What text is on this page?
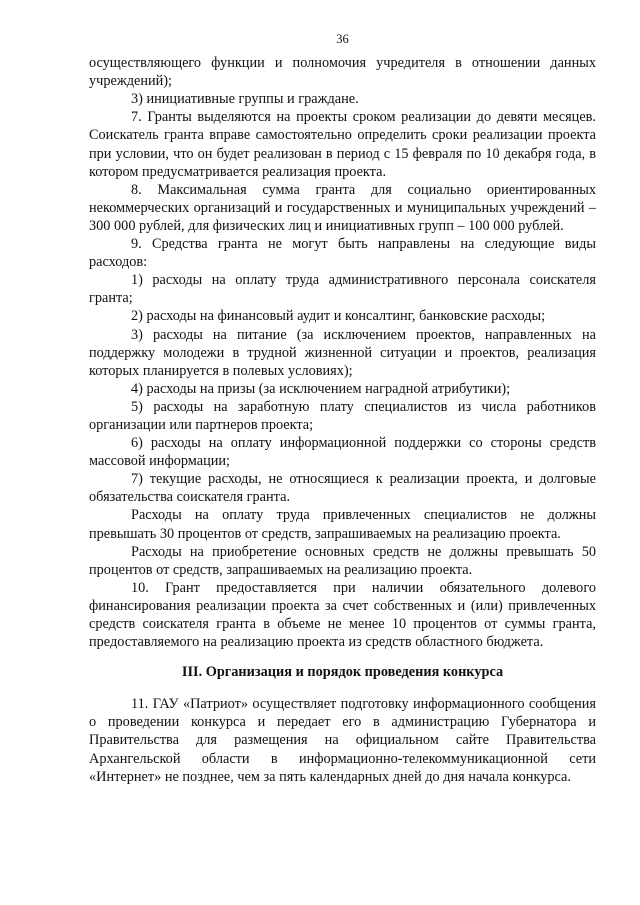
36

осуществляющего функции и полномочия учредителя в отношении данных учреждений);

3) инициативные группы и граждане.

7. Гранты выделяются на проекты сроком реализации до девяти месяцев. Соискатель гранта вправе самостоятельно определить сроки реализации проекта при условии, что он будет реализован в период с 15 февраля по 10 декабря года, в котором предусматривается реализация проекта.

8. Максимальная сумма гранта для социально ориентированных некоммерческих организаций и государственных и муниципальных учреждений – 300 000 рублей, для физических лиц и инициативных групп – 100 000 рублей.

9. Средства гранта не могут быть направлены на следующие виды расходов:

1) расходы на оплату труда административного персонала соискателя гранта;

2) расходы на финансовый аудит и консалтинг, банковские расходы;

3) расходы на питание (за исключением проектов, направленных на поддержку молодежи в трудной жизненной ситуации и проектов, реализация которых планируется в полевых условиях);

4) расходы на призы (за исключением наградной атрибутики);

5) расходы на заработную плату специалистов из числа работников организации или партнеров проекта;

6) расходы на оплату информационной поддержки со стороны средств массовой информации;

7) текущие расходы, не относящиеся к реализации проекта, и долговые обязательства соискателя гранта.

Расходы на оплату труда привлеченных специалистов не должны превышать 30 процентов от средств, запрашиваемых на реализацию проекта.

Расходы на приобретение основных средств не должны превышать 50 процентов от средств, запрашиваемых на реализацию проекта.

10. Грант предоставляется при наличии обязательного долевого финансирования реализации проекта за счет собственных и (или) привлеченных средств соискателя гранта в объеме не менее 10 процентов от суммы гранта, предоставляемого на реализацию проекта из средств областного бюджета.

III. Организация и порядок проведения конкурса

11. ГАУ «Патриот» осуществляет подготовку информационного сообщения о проведении конкурса и передает его в администрацию Губернатора и Правительства для размещения на официальном сайте Правительства Архангельской области в информационно-телекоммуникационной сети «Интернет» не позднее, чем за пять календарных дней до дня начала конкурса.
